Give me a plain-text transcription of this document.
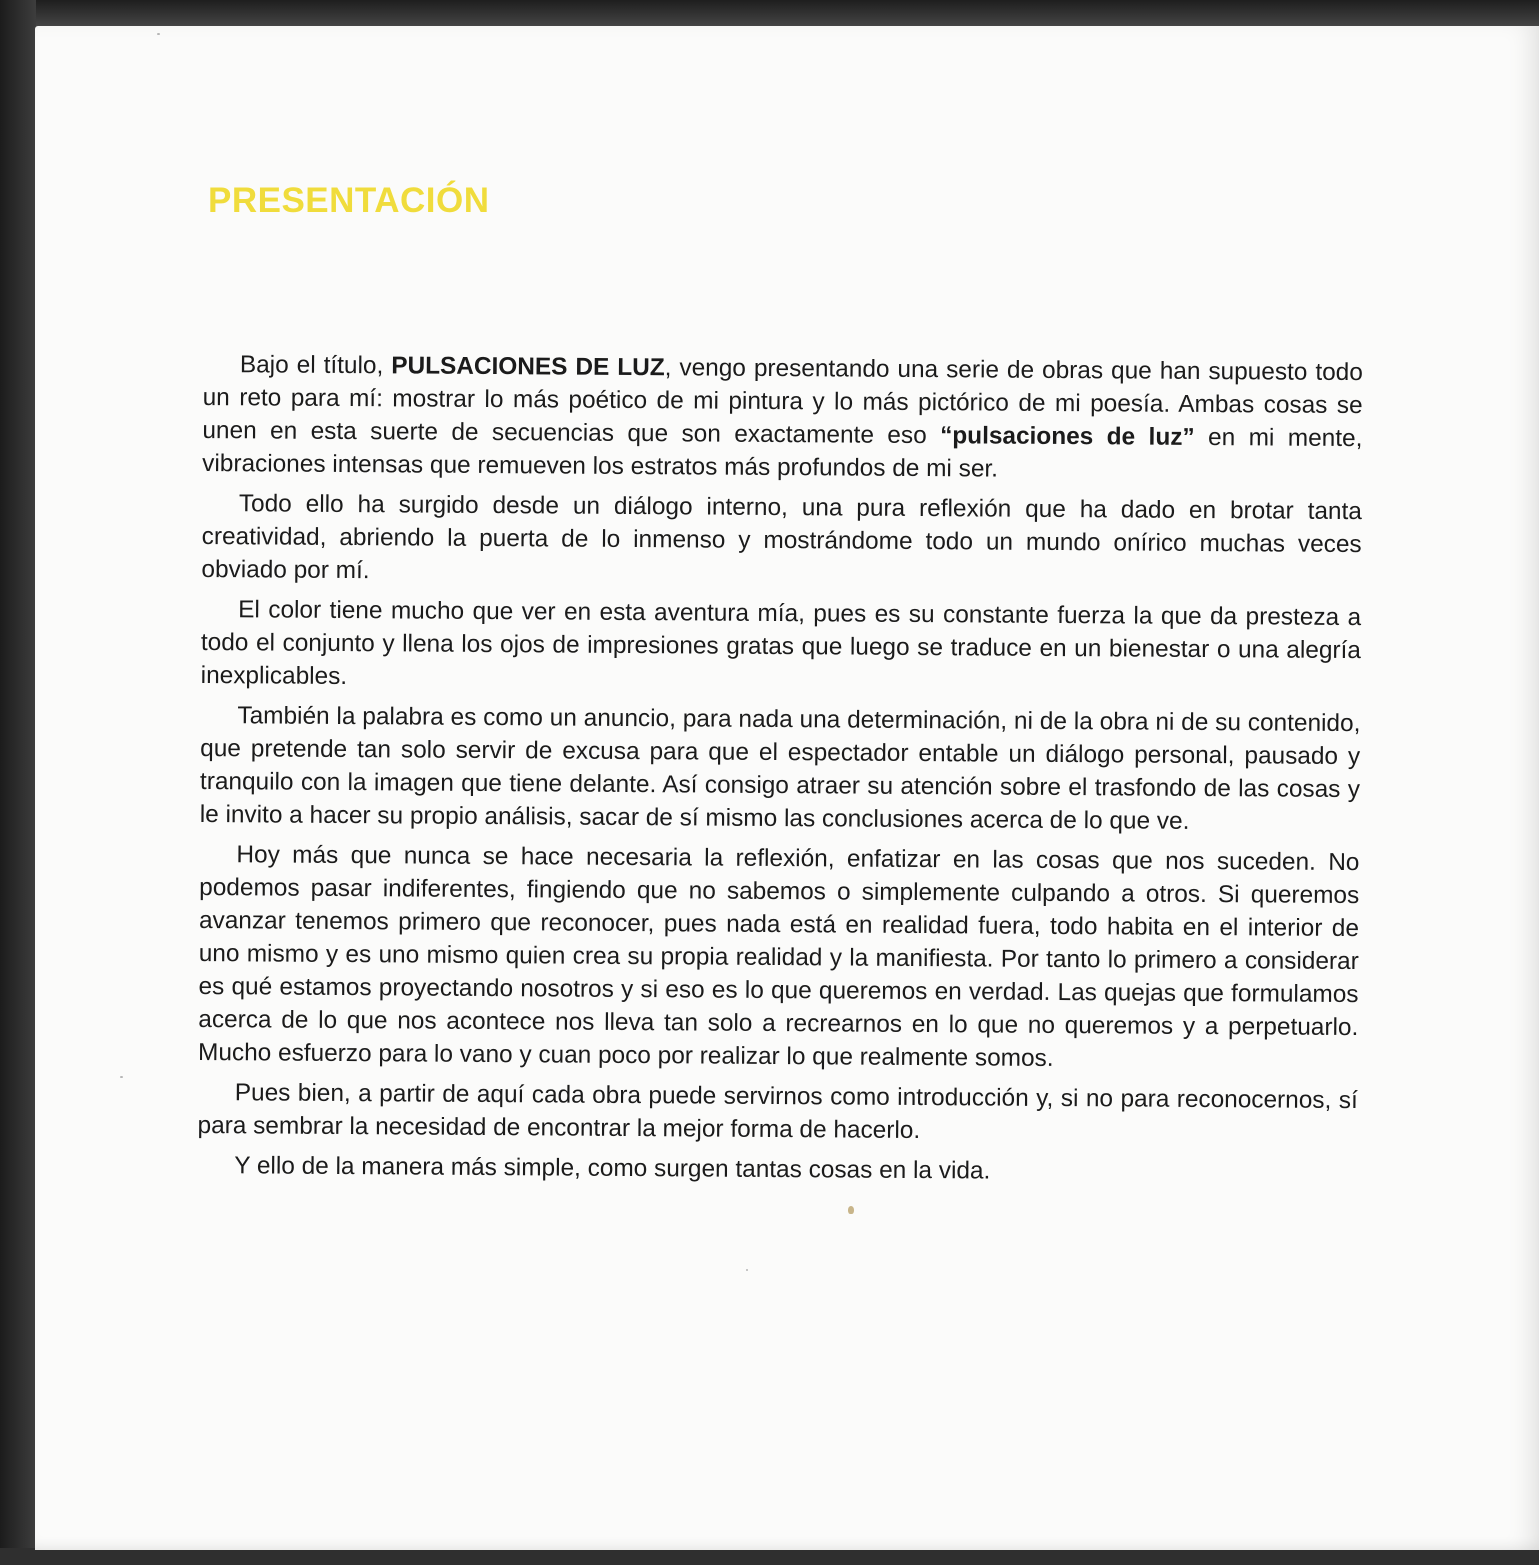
PRESENTACIÓN

Bajo el título, PULSACIONES DE LUZ, vengo presentando una serie de obras que han supuesto todo un reto para mí: mostrar lo más poético de mi pintura y lo más pictórico de mi poesía. Ambas cosas se unen en esta suerte de secuencias que son exactamente eso “pulsaciones de luz” en mi mente, vibraciones intensas que remueven los estratos más profundos de mi ser.

Todo ello ha surgido desde un diálogo interno, una pura reflexión que ha dado en brotar tanta creatividad, abriendo la puerta de lo inmenso y mostrándome todo un mundo onírico muchas veces obviado por mí.

El color tiene mucho que ver en esta aventura mía, pues es su constante fuerza la que da presteza a todo el conjunto y llena los ojos de impresiones gratas que luego se traduce en un bienestar o una alegría inexplicables.

También la palabra es como un anuncio, para nada una determinación, ni de la obra ni de su contenido, que pretende tan solo servir de excusa para que el espectador entable un diálogo personal, pausado y tranquilo con la imagen que tiene delante. Así consigo atraer su atención sobre el trasfondo de las cosas y le invito a hacer su propio análisis, sacar de sí mismo las conclusiones acerca de lo que ve.

Hoy más que nunca se hace necesaria la reflexión, enfatizar en las cosas que nos suceden. No podemos pasar indiferentes, fingiendo que no sabemos o simplemente culpando a otros. Si queremos avanzar tenemos primero que reconocer, pues nada está en realidad fuera, todo habita en el interior de uno mismo y es uno mismo quien crea su propia realidad y la manifiesta. Por tanto lo primero a considerar es qué estamos proyectando nosotros y si eso es lo que queremos en verdad. Las quejas que formulamos acerca de lo que nos acontece nos lleva tan solo a recrearnos en lo que no queremos y a perpetuarlo. Mucho esfuerzo para lo vano y cuan poco por realizar lo que realmente somos.

Pues bien, a partir de aquí cada obra puede servirnos como introducción y, si no para reconocernos, sí para sembrar la necesidad de encontrar la mejor forma de hacerlo.

Y ello de la manera más simple, como surgen tantas cosas en la vida.
